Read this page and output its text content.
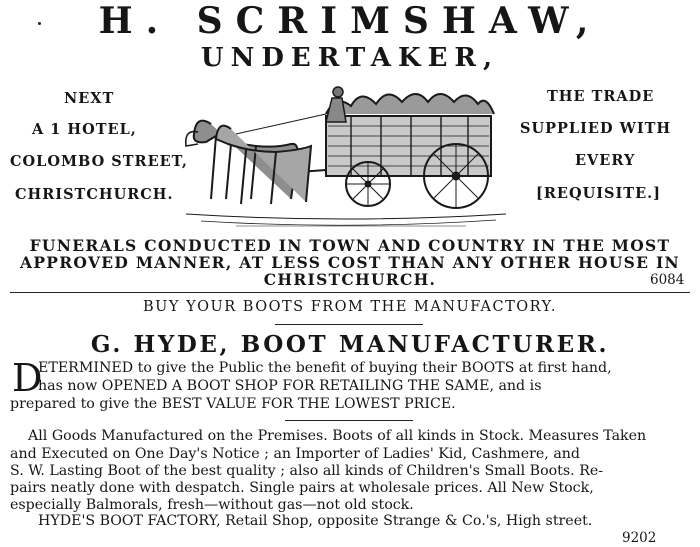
H. SCRIMSHAW,
UNDERTAKER,
NEXT
A 1 HOTEL,
COLOMBO STREET,
CHRISTCHURCH.
THE TRADE
SUPPLIED WITH
EVERY
[REQUISITE.]
FUNERALS CONDUCTED IN TOWN AND COUNTRY IN THE MOST
APPROVED MANNER, AT LESS COST THAN ANY OTHER HOUSE IN
CHRISTCHURCH.	6084
BUY YOUR BOOTS FROM THE MANUFACTORY.
G. HYDE, BOOT MANUFACTURER.
D
ETERMINED to give the Public the benefit of buying their BOOTS at first hand,
has now OPENED A BOOT SHOP FOR RETAILING THE SAME, and is
prepared to give the BEST VALUE FOR THE LOWEST PRICE.
All Goods Manufactured on the Premises. Boots of all kinds in Stock. Measures Taken
and Executed on One Day's Notice ; an Importer of Ladies' Kid, Cashmere, and
S. W. Lasting Boot of the best quality ; also all kinds of Children's Small Boots. Re-
pairs neatly done with despatch. Single pairs at wholesale prices. All New Stock,
especially Balmorals, fresh—without gas—not old stock.
HYDE'S BOOT FACTORY, Retail Shop, opposite Strange & Co.'s, High street.
9202
